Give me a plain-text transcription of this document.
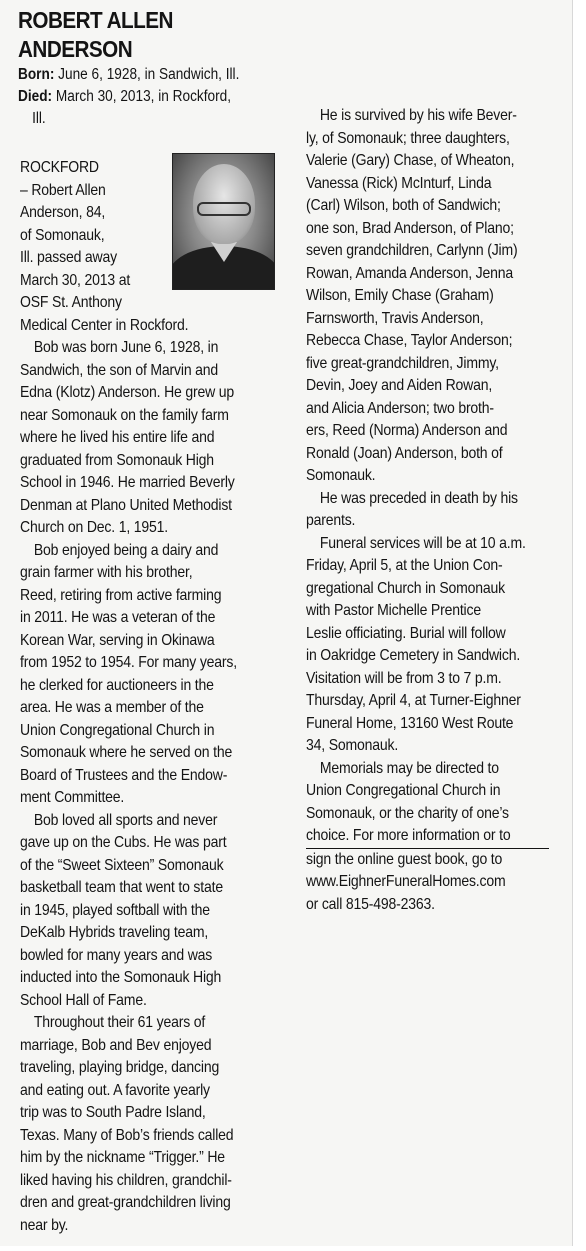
ROBERT ALLEN
ANDERSON

Born: June 6, 1928, in Sandwich, Ill.

Died: March 30, 2013, in Rockford,

Ill.

ROCKFORD
– Robert Allen
Anderson, 84,
of Somonauk,
Ill. passed away
March 30, 2013 at
OSF St. Anthony
Medical Center in Rockford.
 Bob was born June 6, 1928, in
Sandwich, the son of Marvin and
Edna (Klotz) Anderson. He grew up
near Somonauk on the family farm
where he lived his entire life and
graduated from Somonauk High
School in 1946. He married Beverly
Denman at Plano United Methodist
Church on Dec. 1, 1951.
 Bob enjoyed being a dairy and
grain farmer with his brother,
Reed, retiring from active farming
in 2011. He was a veteran of the
Korean War, serving in Okinawa
from 1952 to 1954. For many years,
he clerked for auctioneers in the
area. He was a member of the
Union Congregational Church in
Somonauk where he served on the
Board of Trustees and the Endow-
ment Committee.
 Bob loved all sports and never
gave up on the Cubs. He was part
of the “Sweet Sixteen” Somonauk
basketball team that went to state
in 1945, played softball with the
DeKalb Hybrids traveling team,
bowled for many years and was
inducted into the Somonauk High
School Hall of Fame.
 Throughout their 61 years of
marriage, Bob and Bev enjoyed
traveling, playing bridge, dancing
and eating out. A favorite yearly
trip was to South Padre Island,
Texas. Many of Bob’s friends called
him by the nickname “Trigger.” He
liked having his children, grandchil-
dren and great-grandchildren living
near by.
 He is survived by his wife Bever-
ly, of Somonauk; three daughters,
Valerie (Gary) Chase, of Wheaton,
Vanessa (Rick) McInturf, Linda
(Carl) Wilson, both of Sandwich;
one son, Brad Anderson, of Plano;
seven grandchildren, Carlynn (Jim)
Rowan, Amanda Anderson, Jenna
Wilson, Emily Chase (Graham)
Farnsworth, Travis Anderson,
Rebecca Chase, Taylor Anderson;
five great-grandchildren, Jimmy,
Devin, Joey and Aiden Rowan,
and Alicia Anderson; two broth-
ers, Reed (Norma) Anderson and
Ronald (Joan) Anderson, both of
Somonauk.
 He was preceded in death by his
parents.
 Funeral services will be at 10 a.m.
Friday, April 5, at the Union Con-
gregational Church in Somonauk
with Pastor Michelle Prentice
Leslie officiating. Burial will follow
in Oakridge Cemetery in Sandwich.
Visitation will be from 3 to 7 p.m.
Thursday, April 4, at Turner-Eighner
Funeral Home, 13160 West Route
34, Somonauk.
 Memorials may be directed to
Union Congregational Church in
Somonauk, or the charity of one’s
choice. For more information or to
sign the online guest book, go to
www.EighnerFuneralHomes.com
or call 815-498-2363.
